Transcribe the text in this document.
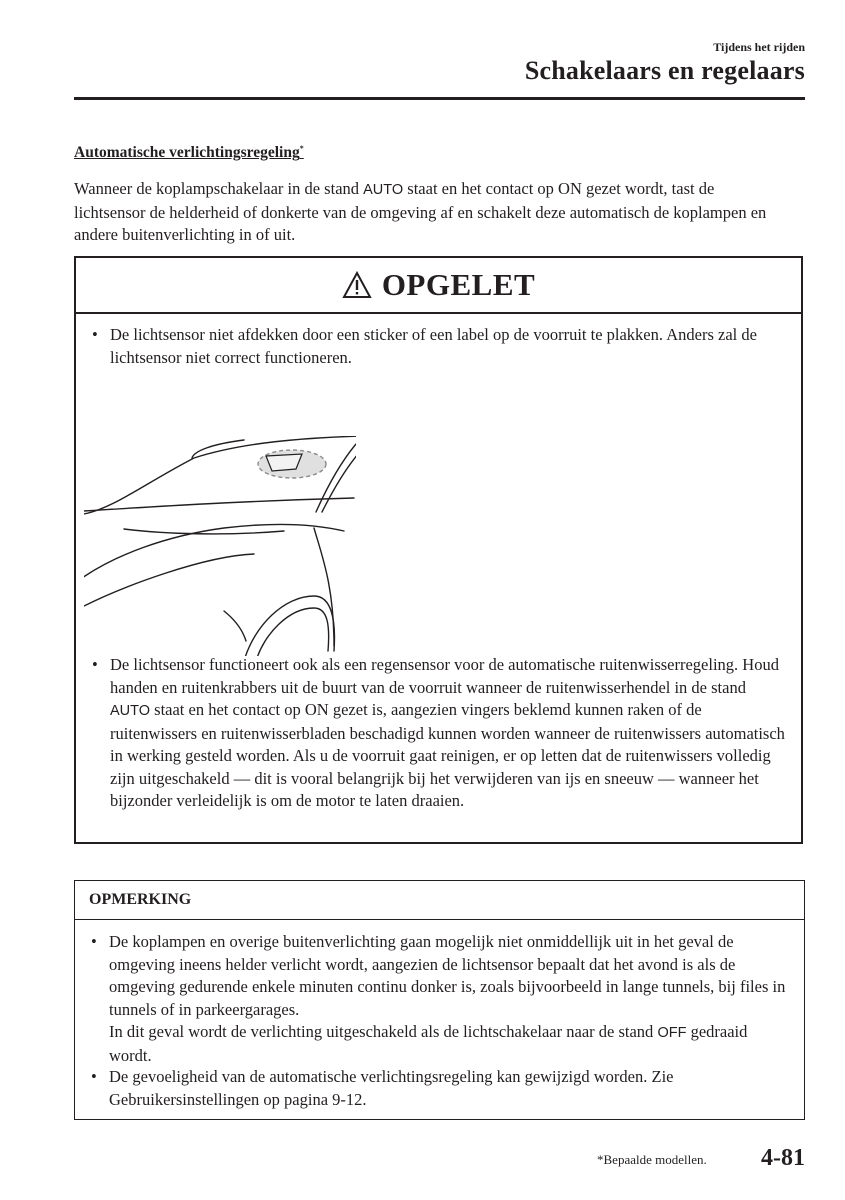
Tijdens het rijden
Schakelaars en regelaars
Automatische verlichtingsregeling*
Wanneer de koplampschakelaar in de stand AUTO staat en het contact op ON gezet wordt, tast de lichtsensor de helderheid of donkerte van de omgeving af en schakelt deze automatisch de koplampen en andere buitenverlichting in of uit.
OPGELET
• De lichtsensor niet afdekken door een sticker of een label op de voorruit te plakken. Anders zal de lichtsensor niet correct functioneren.
• De lichtsensor functioneert ook als een regensensor voor de automatische ruitenwisserregeling. Houd handen en ruitenkrabbers uit de buurt van de voorruit wanneer de ruitenwisserhendel in de stand AUTO staat en het contact op ON gezet is, aangezien vingers beklemd kunnen raken of de ruitenwissers en ruitenwisserbladen beschadigd kunnen worden wanneer de ruitenwissers automatisch in werking gesteld worden. Als u de voorruit gaat reinigen, er op letten dat de ruitenwissers volledig zijn uitgeschakeld — dit is vooral belangrijk bij het verwijderen van ijs en sneeuw — wanneer het bijzonder verleidelijk is om de motor te laten draaien.
OPMERKING
• De koplampen en overige buitenverlichting gaan mogelijk niet onmiddellijk uit in het geval de omgeving ineens helder verlicht wordt, aangezien de lichtsensor bepaalt dat het avond is als de omgeving gedurende enkele minuten continu donker is, zoals bijvoorbeeld in lange tunnels, bij files in tunnels of in parkeergarages.
In dit geval wordt de verlichting uitgeschakeld als de lichtschakelaar naar de stand OFF gedraaid wordt.
• De gevoeligheid van de automatische verlichtingsregeling kan gewijzigd worden. Zie Gebruikersinstellingen op pagina 9-12.
*Bepaalde modellen. 4-81
